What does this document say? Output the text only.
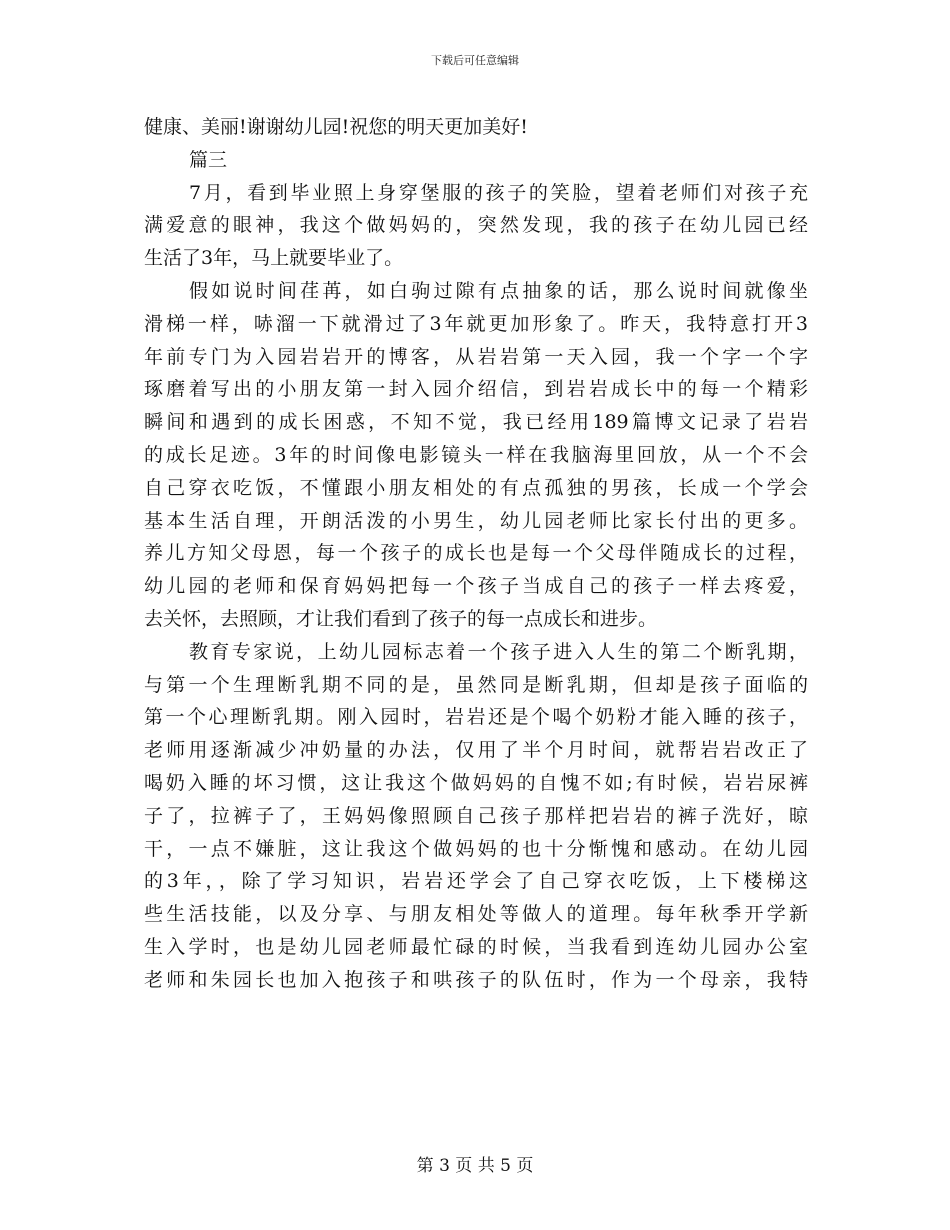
下载后可任意编辑
健康、美丽!谢谢幼儿园!祝您的明天更加美好!
篇三
7月，看到毕业照上身穿堡服的孩子的笑脸，望着老师们对孩子充
满爱意的眼神，我这个做妈妈的，突然发现，我的孩子在幼儿园已经
生活了3年，马上就要毕业了。
假如说时间荏苒，如白驹过隙有点抽象的话，那么说时间就像坐
滑梯一样，哧溜一下就滑过了3年就更加形象了。昨天，我特意打开3
年前专门为入园岩岩开的博客，从岩岩第一天入园，我一个字一个字
琢磨着写出的小朋友第一封入园介绍信，到岩岩成长中的每一个精彩
瞬间和遇到的成长困惑，不知不觉，我已经用189篇博文记录了岩岩
的成长足迹。3年的时间像电影镜头一样在我脑海里回放，从一个不会
自己穿衣吃饭，不懂跟小朋友相处的有点孤独的男孩，长成一个学会
基本生活自理，开朗活泼的小男生，幼儿园老师比家长付出的更多。
养儿方知父母恩，每一个孩子的成长也是每一个父母伴随成长的过程，
幼儿园的老师和保育妈妈把每一个孩子当成自己的孩子一样去疼爱，
去关怀，去照顾，才让我们看到了孩子的每一点成长和进步。
教育专家说，上幼儿园标志着一个孩子进入人生的第二个断乳期，
与第一个生理断乳期不同的是，虽然同是断乳期，但却是孩子面临的
第一个心理断乳期。刚入园时，岩岩还是个喝个奶粉才能入睡的孩子，
老师用逐渐减少冲奶量的办法，仅用了半个月时间，就帮岩岩改正了
喝奶入睡的坏习惯，这让我这个做妈妈的自愧不如;有时候，岩岩尿裤
子了，拉裤子了，王妈妈像照顾自己孩子那样把岩岩的裤子洗好，晾
干，一点不嫌脏，这让我这个做妈妈的也十分惭愧和感动。在幼儿园
的3年，，除了学习知识，岩岩还学会了自己穿衣吃饭，上下楼梯这
些生活技能，以及分享、与朋友相处等做人的道理。每年秋季开学新
生入学时，也是幼儿园老师最忙碌的时候，当我看到连幼儿园办公室
老师和朱园长也加入抱孩子和哄孩子的队伍时，作为一个母亲，我特
第 3 页 共 5 页
